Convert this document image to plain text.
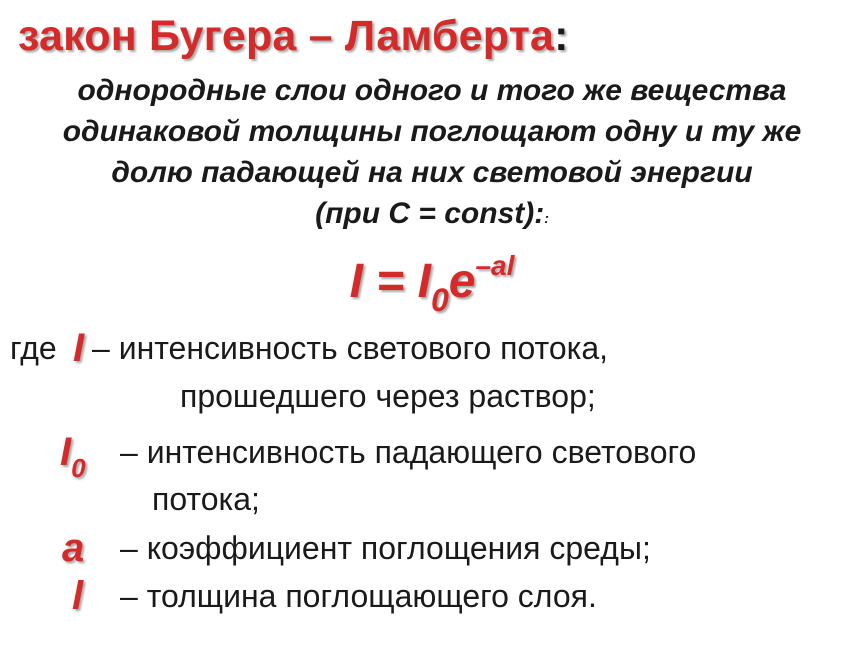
закон Бугера – Ламберта:
однородные слои одного и того же вещества
одинаковой толщины поглощают одну и ту же
долю падающей на них световой энергии
(при С = const)::
$I = I_0e^{-al}$
где I – интенсивность светового потока,
прошедшего через раствор;
$I_0$ – интенсивность падающего светового
потока;
a – коэффициент поглощения среды;
l – толщина поглощающего слоя.
